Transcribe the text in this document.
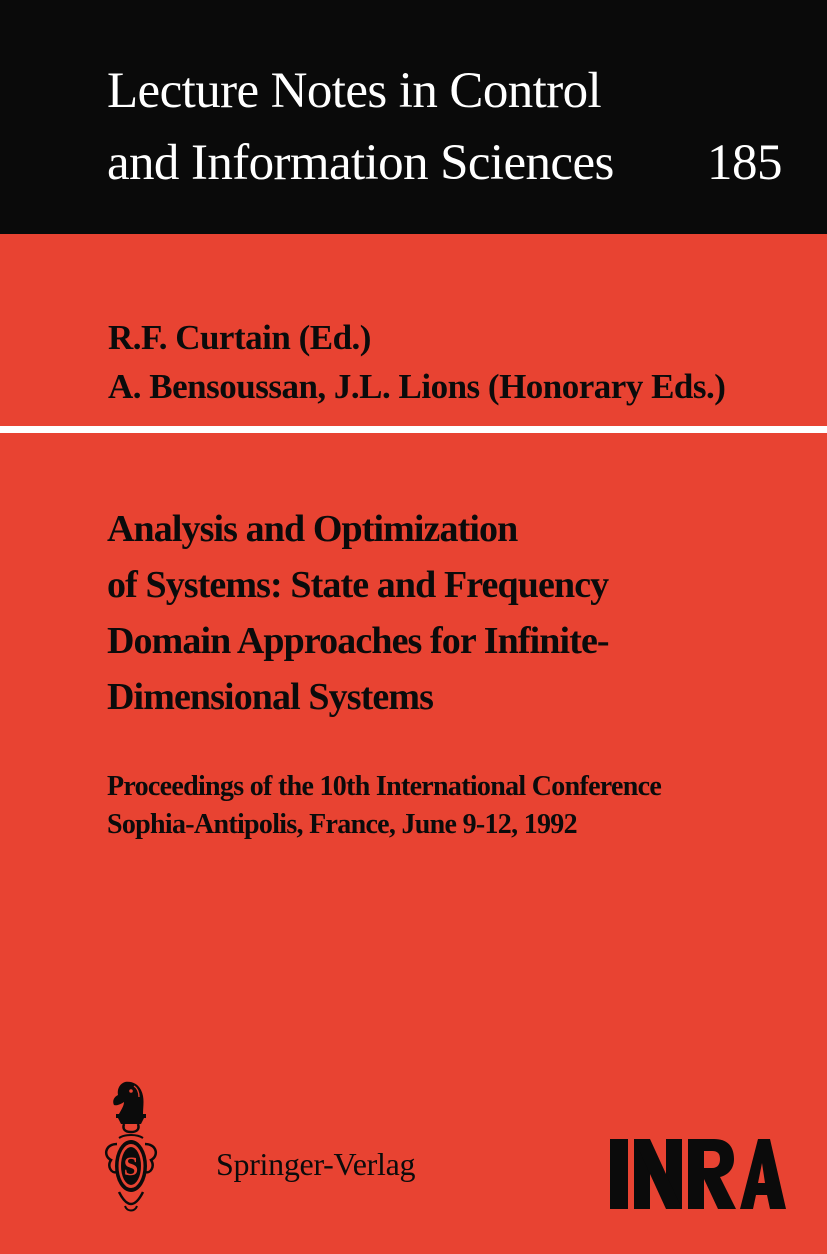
Lecture Notes in Control
and Information Sciences 185
R.F. Curtain (Ed.)
A. Bensoussan, J.L. Lions (Honorary Eds.)
Analysis and Optimization
of Systems: State and Frequency
Domain Approaches for Infinite-
Dimensional Systems
Proceedings of the 10th International Conference
Sophia-Antipolis, France, June 9-12, 1992
S Springer-Verlag
